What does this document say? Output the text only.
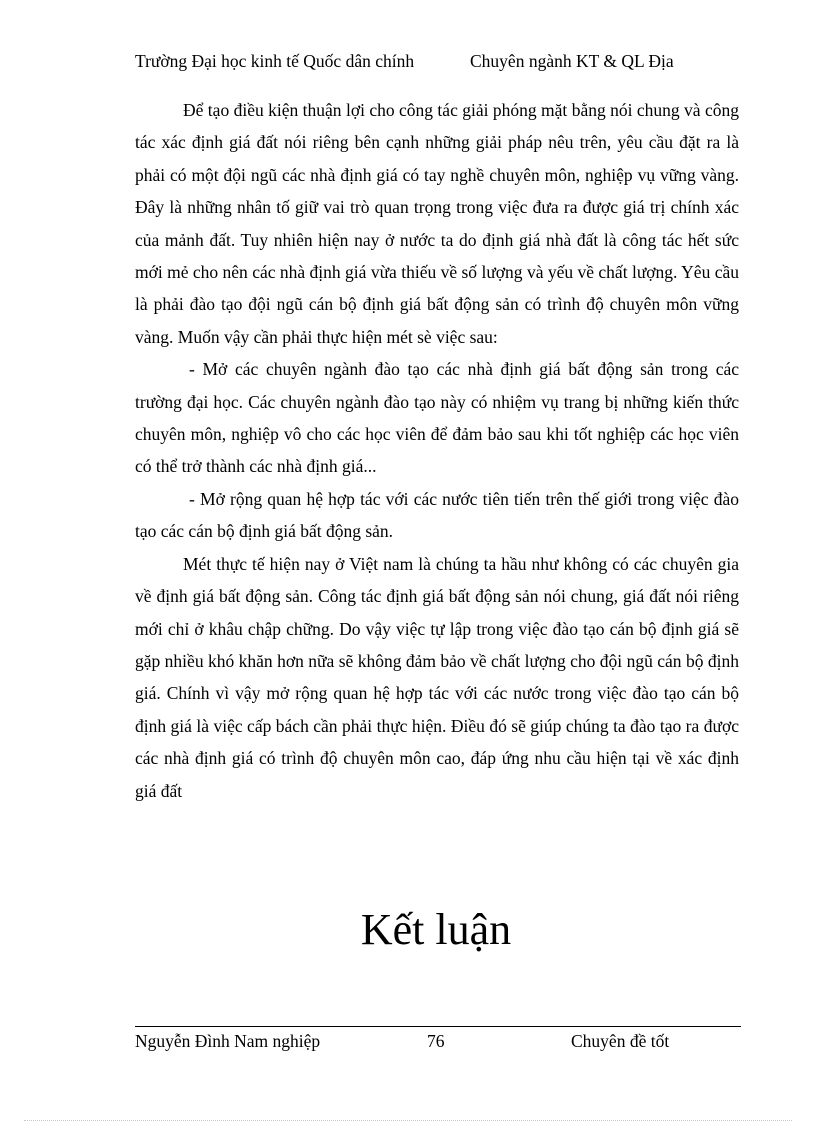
Trường Đại học kinh tế Quốc dân chính	Chuyên ngành KT & QL Địa

Để tạo điều kiện thuận lợi cho công tác giải phóng mặt bằng nói chung và công tác xác định giá đất nói riêng bên cạnh những giải pháp nêu trên, yêu cầu đặt ra là phải có một đội ngũ các nhà định giá có tay nghề chuyên môn, nghiệp vụ vững vàng. Đây là những nhân tố giữ vai trò quan trọng trong việc đưa ra được giá trị chính xác của mảnh đất. Tuy nhiên hiện nay ở nước ta do định giá nhà đất là công tác hết sức mới mẻ cho nên các nhà định giá vừa thiếu về số lượng và yếu về chất lượng. Yêu cầu là phải đào tạo đội ngũ cán bộ định giá bất động sản có trình độ chuyên môn vững vàng. Muốn vậy cần phải thực hiện mét sè việc sau:

- Mở các chuyên ngành đào tạo các nhà định giá bất động sản trong các trường đại học. Các chuyên ngành đào tạo này có nhiệm vụ trang bị những kiến thức chuyên môn, nghiệp vô cho các học viên để đảm bảo sau khi tốt nghiệp các học viên có thể trở thành các nhà định giá...

- Mở rộng quan hệ hợp tác với các nước tiên tiến trên thế giới trong việc đào tạo các cán bộ định giá bất động sản.

Mét thực tế hiện nay ở Việt nam là chúng ta hầu như không có các chuyên gia về định giá bất động sản. Công tác định giá bất động sản nói chung, giá đất nói riêng mới chỉ ở khâu chập chững. Do vậy việc tự lập trong việc đào tạo cán bộ định giá sẽ gặp nhiều khó khăn hơn nữa sẽ không đảm bảo về chất lượng cho đội ngũ cán bộ định giá. Chính vì vậy mở rộng quan hệ hợp tác với các nước trong việc đào tạo cán bộ định giá là việc cấp bách cần phải thực hiện. Điều đó sẽ giúp chúng ta đào tạo ra được các nhà định giá có trình độ chuyên môn cao, đáp ứng nhu cầu hiện tại về xác định giá đất

Kết luận
Nguyễn Đình Nam nghiệp	76	Chuyên đề tốt
